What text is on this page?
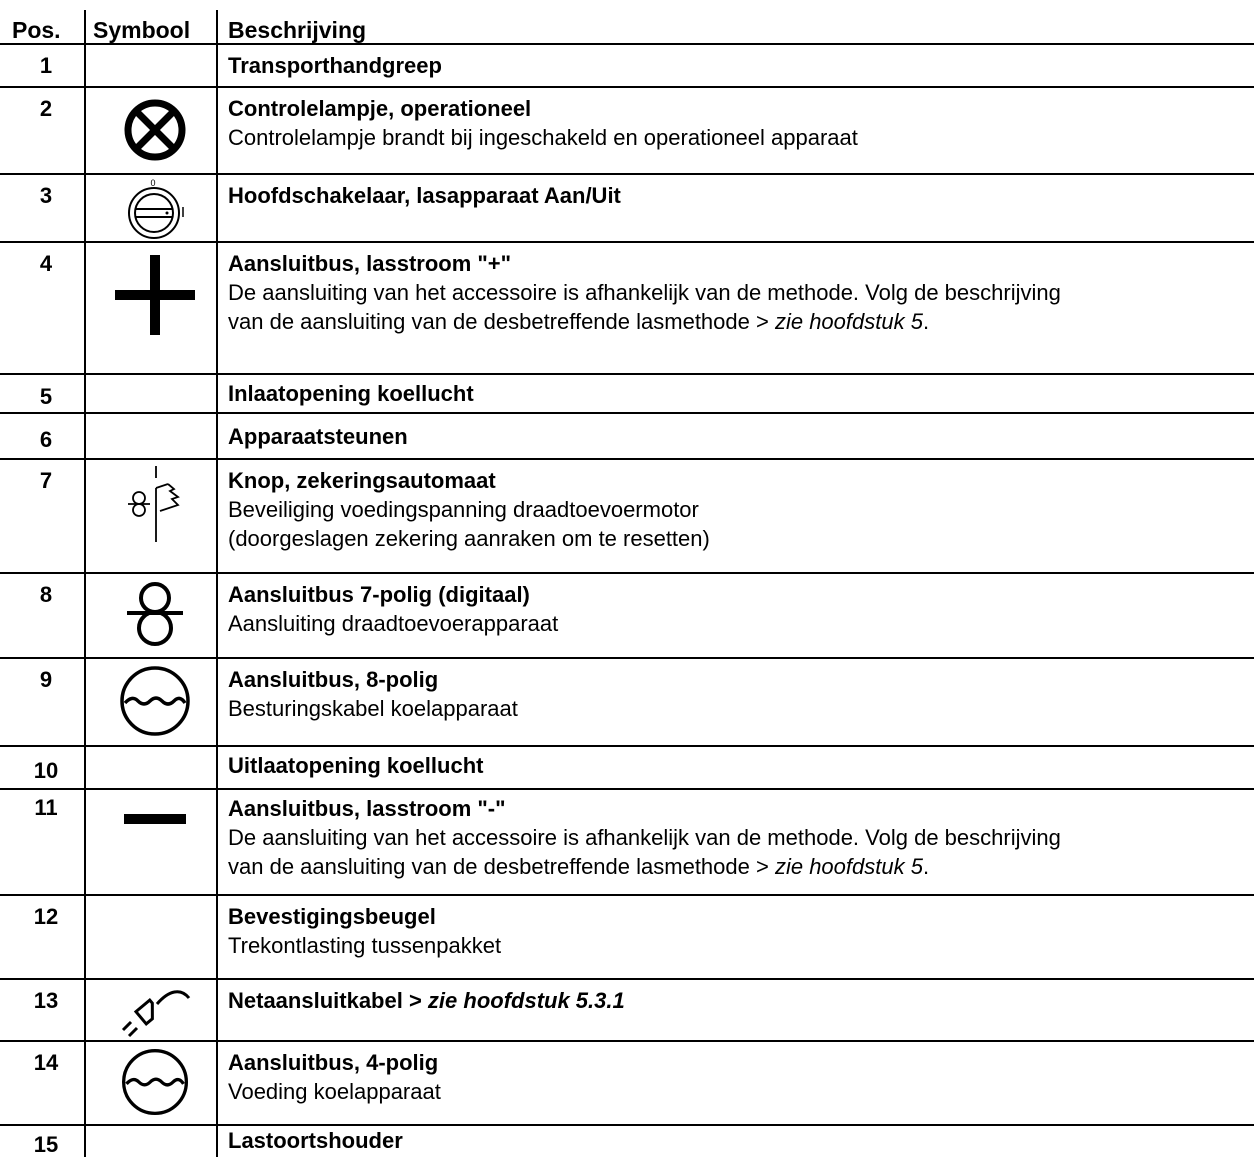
Pos. Symbool Beschrijving
1	Transporthandgreep
2	Controlelampje, operationeel
Controlelampje brandt bij ingeschakeld en operationeel apparaat
3	0	Hoofdschakelaar, lasapparaat Aan/Uit
4	Aansluitbus, lasstroom "+"
De aansluiting van het accessoire is afhankelijk van de methode. Volg de beschrijving
van de aansluiting van de desbetreffende lasmethode > zie hoofdstuk 5.
5	Inlaatopening koellucht
6	Apparaatsteunen
7	Knop, zekeringsautomaat
Beveiliging voedingspanning draadtoevoermotor
(doorgeslagen zekering aanraken om te resetten)
8	Aansluitbus 7-polig (digitaal)
Aansluiting draadtoevoerapparaat
9	Aansluitbus, 8-polig
Besturingskabel koelapparaat
10	Uitlaatopening koellucht
11	Aansluitbus, lasstroom "-"
De aansluiting van het accessoire is afhankelijk van de methode. Volg de beschrijving
van de aansluiting van de desbetreffende lasmethode > zie hoofdstuk 5.
12	Bevestigingsbeugel
Trekontlasting tussenpakket
13	Netaansluitkabel > zie hoofdstuk 5.3.1
14	Aansluitbus, 4-polig
Voeding koelapparaat
15	Lastoortshouder
